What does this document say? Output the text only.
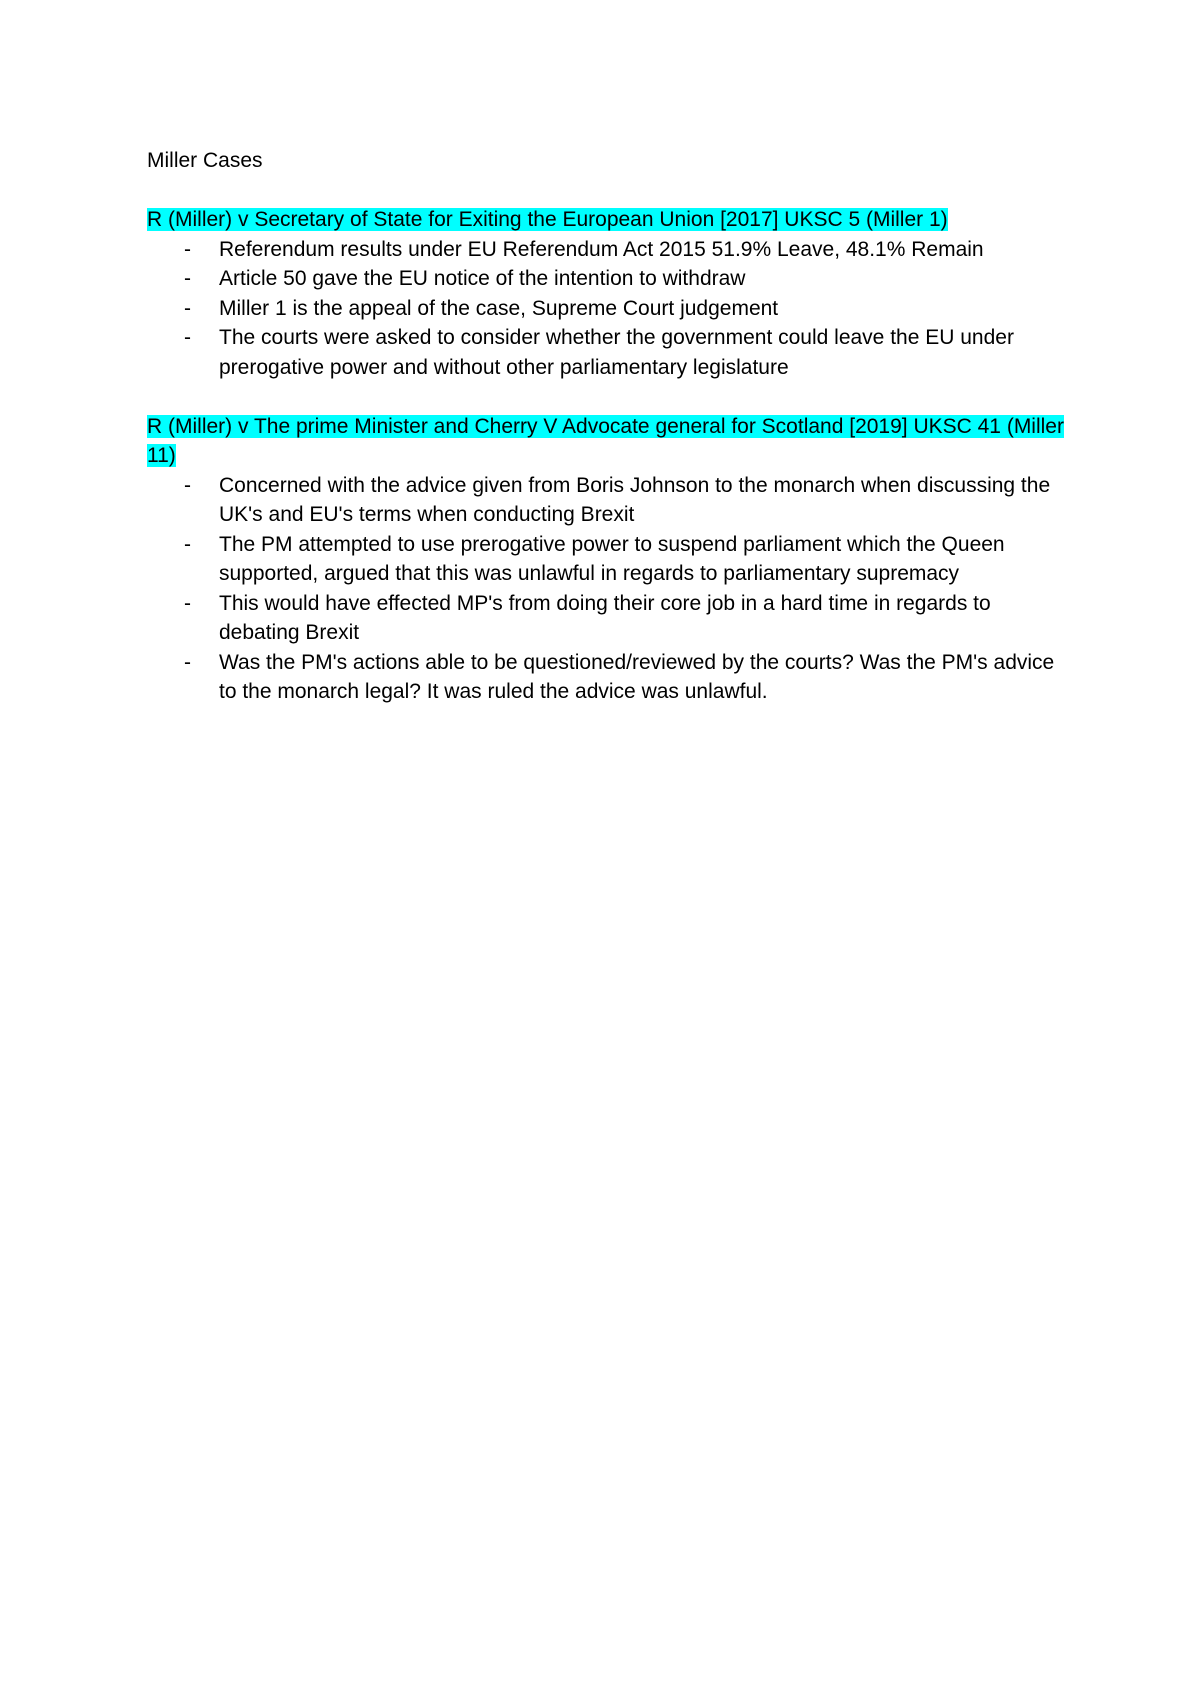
Miller Cases

R (Miller) v Secretary of State for Exiting the European Union [2017] UKSC 5 (Miller 1)

- Referendum results under EU Referendum Act 2015 51.9% Leave, 48.1% Remain
- Article 50 gave the EU notice of the intention to withdraw
- Miller 1 is the appeal of the case, Supreme Court judgement
- The courts were asked to consider whether the government could leave the EU under prerogative power and without other parliamentary legislature

R (Miller) v The prime Minister and Cherry V Advocate general for Scotland [2019] UKSC 41 (Miller 11)

- Concerned with the advice given from Boris Johnson to the monarch when discussing the UK's and EU's terms when conducting Brexit
- The PM attempted to use prerogative power to suspend parliament which the Queen supported, argued that this was unlawful in regards to parliamentary supremacy
- This would have effected MP's from doing their core job in a hard time in regards to debating Brexit
- Was the PM's actions able to be questioned/reviewed by the courts? Was the PM's advice to the monarch legal? It was ruled the advice was unlawful.
